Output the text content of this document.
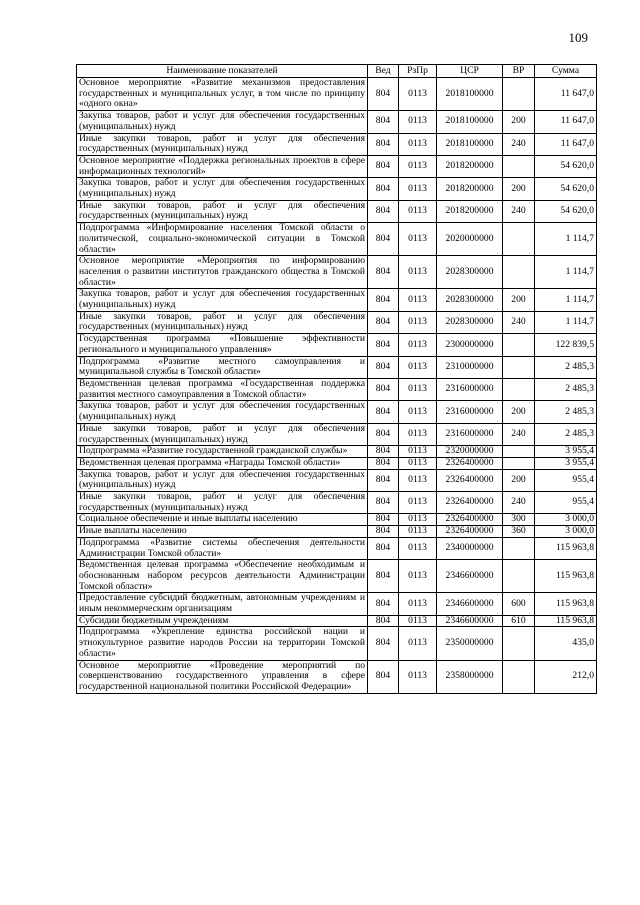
109
Наименование показателей	Вед	РзПр	ЦСР	ВР	Сумма
Основное мероприятие «Развитие механизмов предоставления государственных и муниципальных услуг, в том числе по принципу «одного окна»	804	0113	2018100000		11 647,0
Закупка товаров, работ и услуг для обеспечения государственных (муниципальных) нужд	804	0113	2018100000	200	11 647,0
Иные закупки товаров, работ и услуг для обеспечения государственных (муниципальных) нужд	804	0113	2018100000	240	11 647,0
Основное мероприятие «Поддержка региональных проектов в сфере информационных технологий»	804	0113	2018200000		54 620,0
Закупка товаров, работ и услуг для обеспечения государственных (муниципальных) нужд	804	0113	2018200000	200	54 620,0
Иные закупки товаров, работ и услуг для обеспечения государственных (муниципальных) нужд	804	0113	2018200000	240	54 620,0
Подпрограмма «Информирование населения Томской области о политической, социально-экономической ситуации в Томской области»	804	0113	2020000000		1 114,7
Основное мероприятие «Мероприятия по информированию населения о развитии институтов гражданского общества в Томской области»	804	0113	2028300000		1 114,7
Закупка товаров, работ и услуг для обеспечения государственных (муниципальных) нужд	804	0113	2028300000	200	1 114,7
Иные закупки товаров, работ и услуг для обеспечения государственных (муниципальных) нужд	804	0113	2028300000	240	1 114,7
Государственная программа «Повышение эффективности регионального и муниципального управления»	804	0113	2300000000		122 839,5
Подпрограмма «Развитие местного самоуправления и муниципальной службы в Томской области»	804	0113	2310000000		2 485,3
Ведомственная целевая программа «Государственная поддержка развития местного самоуправления в Томской области»	804	0113	2316000000		2 485,3
Закупка товаров, работ и услуг для обеспечения государственных (муниципальных) нужд	804	0113	2316000000	200	2 485,3
Иные закупки товаров, работ и услуг для обеспечения государственных (муниципальных) нужд	804	0113	2316000000	240	2 485,3
Подпрограмма «Развитие государственной гражданской службы»	804	0113	2320000000		3 955,4
Ведомственная целевая программа «Награды Томской области»	804	0113	2326400000		3 955,4
Закупка товаров, работ и услуг для обеспечения государственных (муниципальных) нужд	804	0113	2326400000	200	955,4
Иные закупки товаров, работ и услуг для обеспечения государственных (муниципальных) нужд	804	0113	2326400000	240	955,4
Социальное обеспечение и иные выплаты населению	804	0113	2326400000	300	3 000,0
Иные выплаты населению	804	0113	2326400000	360	3 000,0
Подпрограмма «Развитие системы обеспечения деятельности Администрации Томской области»	804	0113	2340000000		115 963,8
Ведомственная целевая программа «Обеспечение необходимым и обоснованным набором ресурсов деятельности Администрации Томской области»	804	0113	2346600000		115 963,8
Предоставление субсидий бюджетным, автономным учреждениям и иным некоммерческим организациям	804	0113	2346600000	600	115 963,8
Субсидии бюджетным учреждениям	804	0113	2346600000	610	115 963,8
Подпрограмма «Укрепление единства российской нации и этнокультурное развитие народов России на территории Томской области»	804	0113	2350000000		435,0
Основное мероприятие «Проведение мероприятий по совершенствованию государственного управления в сфере государственной национальной политики Российской Федерации»	804	0113	2358000000		212,0
